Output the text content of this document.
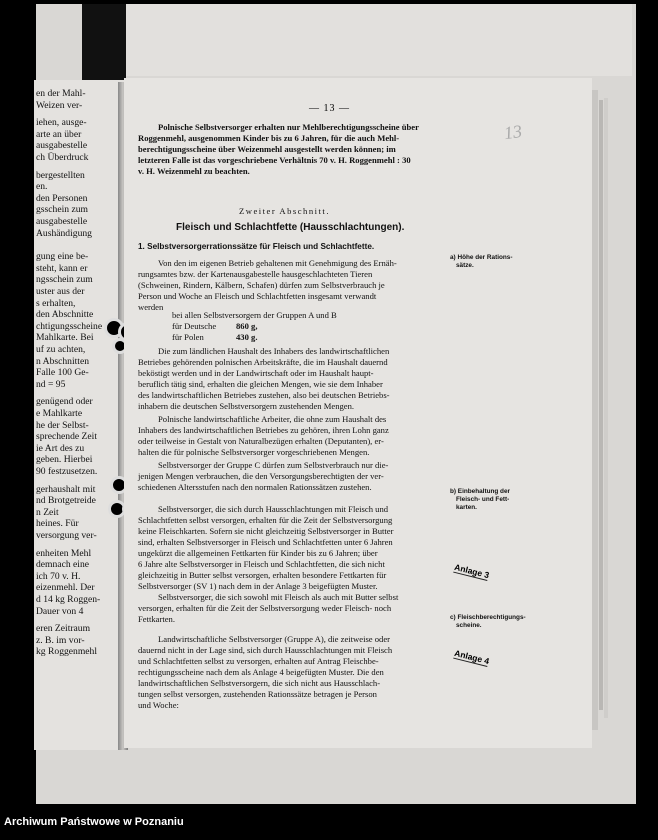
en der Mahl-
Weizen ver-
iehen, ausge-
arte an über
ausgabestelle
ch Überdruck
bergestellten
en.
den Personen
gsschein zum
ausgabestelle
Aushändigung
gung eine be-
steht, kann er
ngsschein zum
uster aus der
s erhalten,
den Abschnitte
chtigungsscheine
Mahlkarte. Bei
uf zu achten,
n Abschnitten
Falle 100 Ge-
nd = 95
genügend oder
e Mahlkarte
he der Selbst-
sprechende Zeit
ie Art des zu
geben. Hierbei
90 festzusetzen.
gerhaushalt mit
nd Brotgetreide
n Zeit
heines. Für
versorgung ver-
enheiten Mehl
demnach eine
ich 70 v. H.
eizenmehl. Der
d 14 kg Roggen-
Dauer von 4
eren Zeitraum
z. B. im vor-
kg Roggenmehl
— 13 —
13
Polnische Selbstversorger erhalten nur Mehlberechtigungsscheine über
Roggenmehl, ausgenommen Kinder bis zu 6 Jahren, für die auch Mehl-
berechtigungsscheine über Weizenmehl ausgestellt werden können; im
letzteren Falle ist das vorgeschriebene Verhältnis 70 v. H. Roggenmehl : 30
v. H. Weizenmehl zu beachten.
Zweiter Abschnitt.
Fleisch und Schlachtfette (Hausschlachtungen).
1. Selbstversorgerrationssätze für Fleisch und Schlachtfette.
Von den im eigenen Betrieb gehaltenen mit Genehmigung des Ernäh-
rungsamtes bzw. der Kartenausgabestelle hausgeschlachteten Tieren
(Schweinen, Rindern, Kälbern, Schafen) dürfen zum Selbstverbrauch je
Person und Woche an Fleisch und Schlachtfetten insgesamt verwandt
werden
bei allen Selbstversorgern der Gruppen A und B
für Deutsche 860 g,
für Polen	430 g.
Die zum ländlichen Haushalt des Inhabers des landwirtschaftlichen
Betriebes gehörenden polnischen Arbeitskräfte, die im Haushalt dauernd
beköstigt werden und in der Landwirtschaft oder im Haushalt haupt-
beruflich tätig sind, erhalten die gleichen Mengen, wie sie dem Inhaber
des landwirtschaftlichen Betriebes zustehen, also bei deutschen Betriebs-
inhabern die deutschen Selbstversorgern zustehenden Mengen.
Polnische landwirtschaftliche Arbeiter, die ohne zum Haushalt des
Inhabers des landwirtschaftlichen Betriebes zu gehören, ihren Lohn ganz
oder teilweise in Gestalt von Naturalbezügen erhalten (Deputanten), er-
halten die für polnische Selbstversorger vorgeschriebenen Mengen.
Selbstversorger der Gruppe C dürfen zum Selbstverbrauch nur die-
jenigen Mengen verbrauchen, die den Versorgungsberechtigten der ver-
schiedenen Altersstufen nach den normalen Rationssätzen zustehen.
Selbstversorger, die sich durch Hausschlachtungen mit Fleisch und
Schlachtfetten selbst versorgen, erhalten für die Zeit der Selbstversorgung
keine Fleischkarten. Sofern sie nicht gleichzeitig Selbstversorger in Butter
sind, erhalten Selbstversorger in Fleisch und Schlachtfetten unter 6 Jahren
ungekürzt die allgemeinen Fettkarten für Kinder bis zu 6 Jahren; über
6 Jahre alte Selbstversorger in Fleisch und Schlachtfetten, die sich nicht
gleichzeitig in Butter selbst versorgen, erhalten besondere Fettkarten für
Selbstversorger (SV 1) nach dem in der Anlage 3 beigefügten Muster.
Selbstversorger, die sich sowohl mit Fleisch als auch mit Butter selbst
versorgen, erhalten für die Zeit der Selbstversorgung weder Fleisch- noch
Fettkarten.
Landwirtschaftliche Selbstversorger (Gruppe A), die zeitweise oder
dauernd nicht in der Lage sind, sich durch Hausschlachtungen mit Fleisch
und Schlachtfetten selbst zu versorgen, erhalten auf Antrag Fleischbe-
rechtigungsscheine nach dem als Anlage 4 beigefügten Muster. Die den
landwirtschaftlichen Selbstversorgern, die sich nicht aus Hausschlach-
tungen selbst versorgen, zustehenden Rationssätze betragen je Person
und Woche:
a) Höhe der Rations-
sätze.
b) Einbehaltung der
Fleisch- und Fett-
karten.
Anlage 3
c) Fleischberechtigungs-
scheine.
Anlage 4
Archiwum Państwowe w Poznaniu
